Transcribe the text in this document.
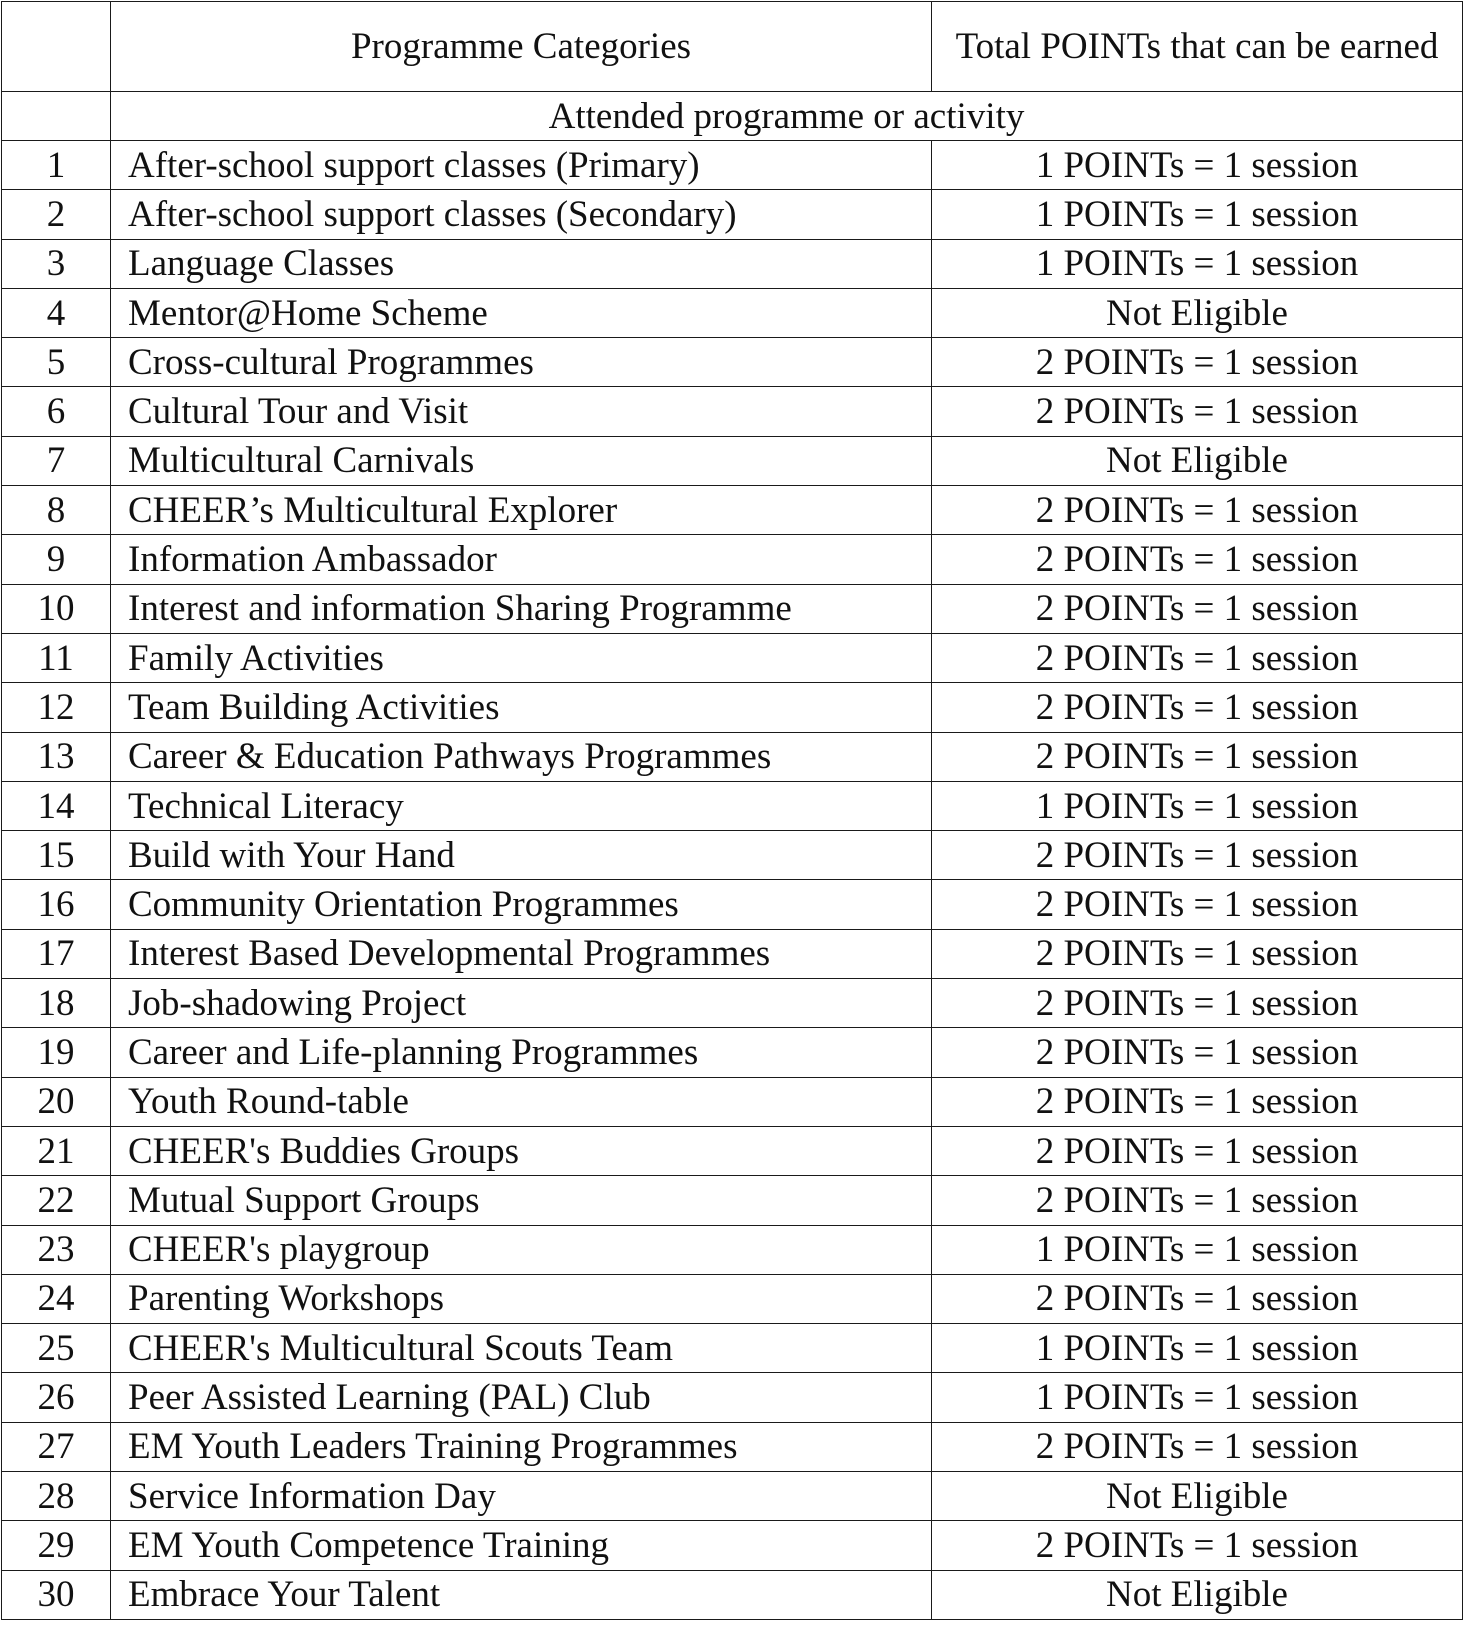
	Programme Categories	Total POINTs that can be earned
	Attended programme or activity	
1	After-school support classes (Primary)	1 POINTs = 1 session
2	After-school support classes (Secondary)	1 POINTs = 1 session
3	Language Classes	1 POINTs = 1 session
4	Mentor@Home Scheme	Not Eligible
5	Cross-cultural Programmes	2 POINTs = 1 session
6	Cultural Tour and Visit	2 POINTs = 1 session
7	Multicultural Carnivals	Not Eligible
8	CHEER’s Multicultural Explorer	2 POINTs = 1 session
9	Information Ambassador	2 POINTs = 1 session
10	Interest and information Sharing Programme	2 POINTs = 1 session
11	Family Activities	2 POINTs = 1 session
12	Team Building Activities	2 POINTs = 1 session
13	Career & Education Pathways Programmes	2 POINTs = 1 session
14	Technical Literacy	1 POINTs = 1 session
15	Build with Your Hand	2 POINTs = 1 session
16	Community Orientation Programmes	2 POINTs = 1 session
17	Interest Based Developmental Programmes	2 POINTs = 1 session
18	Job-shadowing Project	2 POINTs = 1 session
19	Career and Life-planning Programmes	2 POINTs = 1 session
20	Youth Round-table	2 POINTs = 1 session
21	CHEER's Buddies Groups	2 POINTs = 1 session
22	Mutual Support Groups	2 POINTs = 1 session
23	CHEER's playgroup	1 POINTs = 1 session
24	Parenting Workshops	2 POINTs = 1 session
25	CHEER's Multicultural Scouts Team	1 POINTs = 1 session
26	Peer Assisted Learning (PAL) Club	1 POINTs = 1 session
27	EM Youth Leaders Training Programmes	2 POINTs = 1 session
28	Service Information Day	Not Eligible
29	EM Youth Competence Training	2 POINTs = 1 session
30	Embrace Your Talent	Not Eligible
